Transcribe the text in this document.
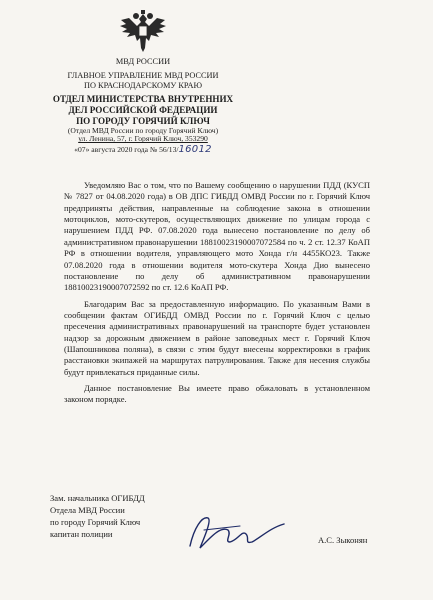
МВД РОССИИ
ГЛАВНОЕ УПРАВЛЕНИЕ МВД РОССИИ
ПО КРАСНОДАРСКОМУ КРАЮ
ОТДЕЛ МИНИСТЕРСТВА ВНУТРЕННИХ
ДЕЛ РОССИЙСКОЙ ФЕДЕРАЦИИ
ПО ГОРОДУ ГОРЯЧИЙ КЛЮЧ
(Отдел МВД России по городу Горячий Ключ)
ул. Ленина, 57, г. Горячий Ключ, 353290
«07» августа 2020 года № 56/13/16012

Уведомляю Вас о том, что по Вашему сообщению о нарушении ПДД (КУСП № 7827 от 04.08.2020 года) в ОВ ДПС ГИБДД ОМВД России по г. Горячий Ключ предприняты действия, направленные на соблюдение закона в отношении мотоциклов, мото-скутеров, осуществляющих движение по улицам города с нарушением ПДД РФ. 07.08.2020 года вынесено постановление по делу об административном правонарушении 18810023190007072584 по ч. 2 ст. 12.37 КоАП РФ в отношении водителя, управляющего мото Хонда г/н 4455КО23. Также 07.08.2020 года в отношении водителя мото-скутера Хонда Дио вынесено постановление по делу об административном правонарушении 18810023190007072592 по ст. 12.6 КоАП РФ.

Благодарим Вас за предоставленную информацию. По указанным Вами в сообщении фактам ОГИБДД ОМВД России по г. Горячий Ключ с целью пресечения административных правонарушений на транспорте будет установлен надзор за дорожным движением в районе заповедных мест г. Горячий Ключ (Шапошникова поляна), в связи с этим будут внесены корректировки в график расстановки экипажей на маршрутах патрулирования. Также для несения службы будут привлекаться приданные силы.

Данное постановление Вы имеете право обжаловать в установленном законом порядке.

Зам. начальника ОГИБДД
Отдела МВД России
по городу Горячий Ключ
капитан полиции
А.С. Зыконян
